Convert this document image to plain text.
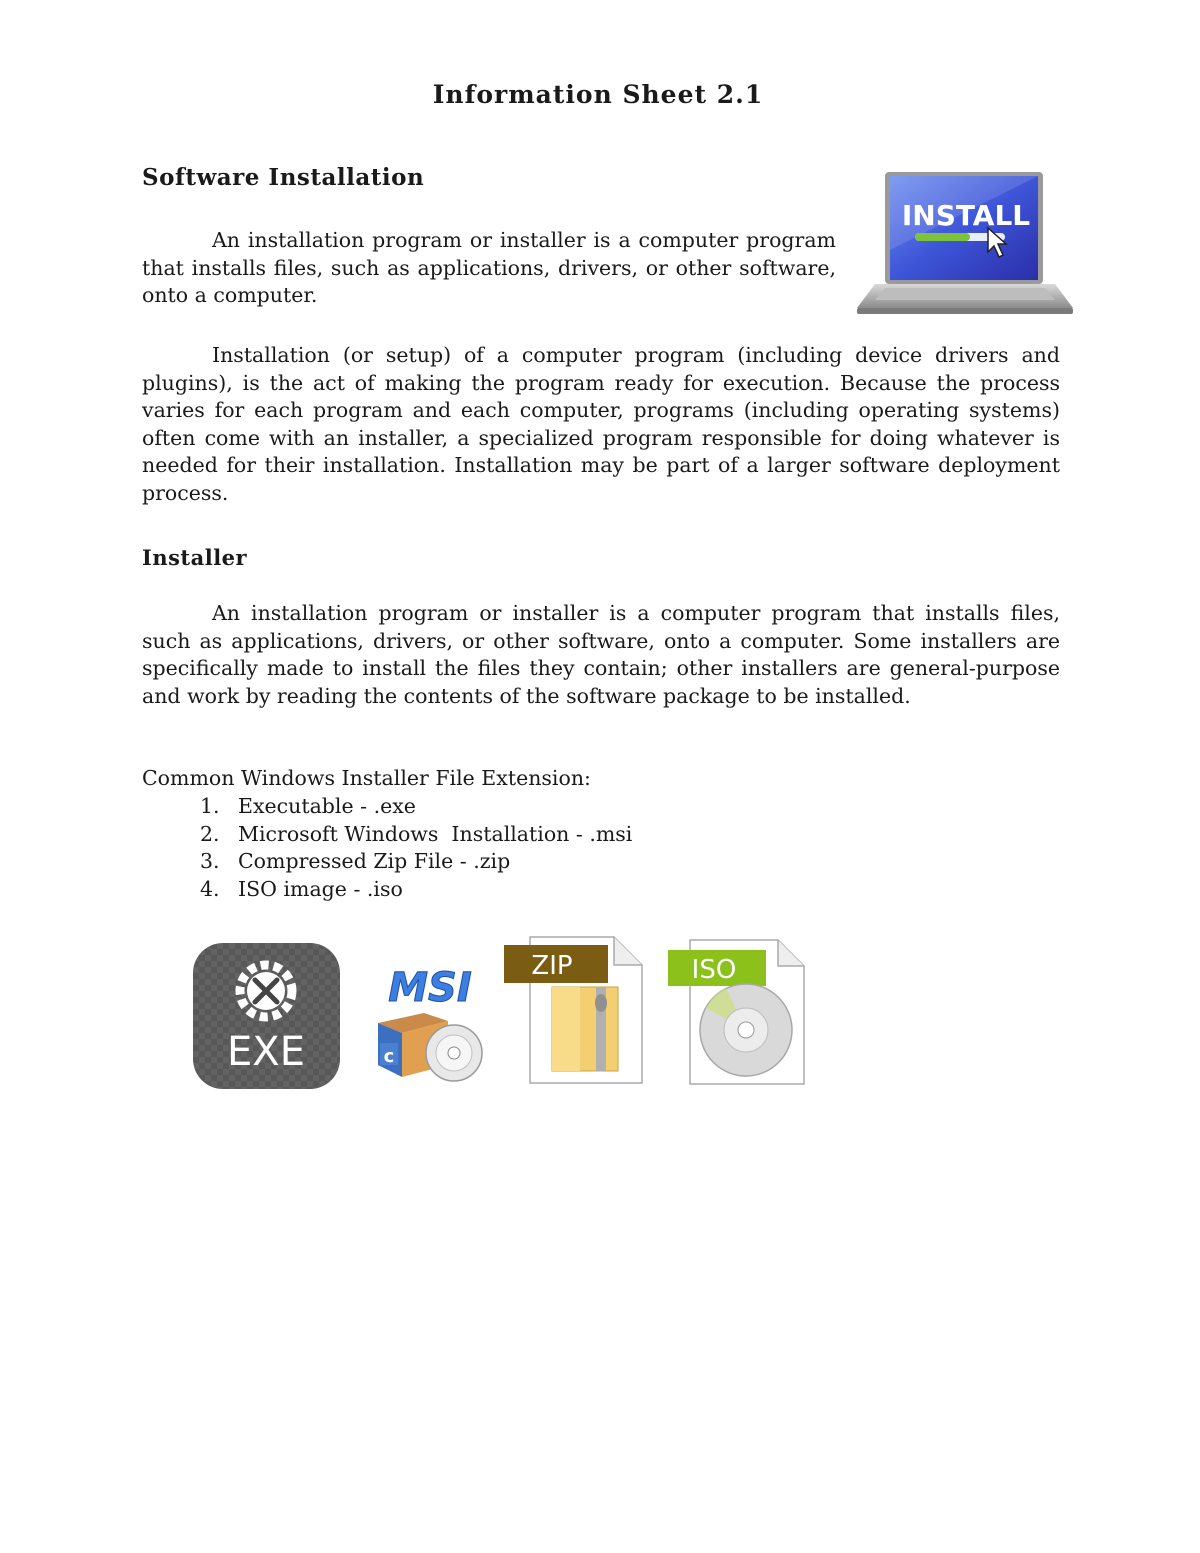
Information Sheet 2.1
Software Installation

An installation program or installer is a computer program that installs files, such as applications, drivers, or other software, onto a computer.

Installation (or setup) of a computer program (including device drivers and plugins), is the act of making the program ready for execution. Because the process varies for each program and each computer, programs (including operating systems) often come with an installer, a specialized program responsible for doing whatever is needed for their installation. Installation may be part of a larger software deployment process.

Installer

An installation program or installer is a computer program that installs files, such as applications, drivers, or other software, onto a computer. Some installers are specifically made to install the files they contain; other installers are general-purpose and work by reading the contents of the software package to be installed.

Common Windows Installer File Extension:
1. Executable - .exe
2. Microsoft Windows  Installation - .msi
3. Compressed Zip File - .zip
4. ISO image - .iso
INSTALL
EXE
MSI
c
ZIP	ISO
